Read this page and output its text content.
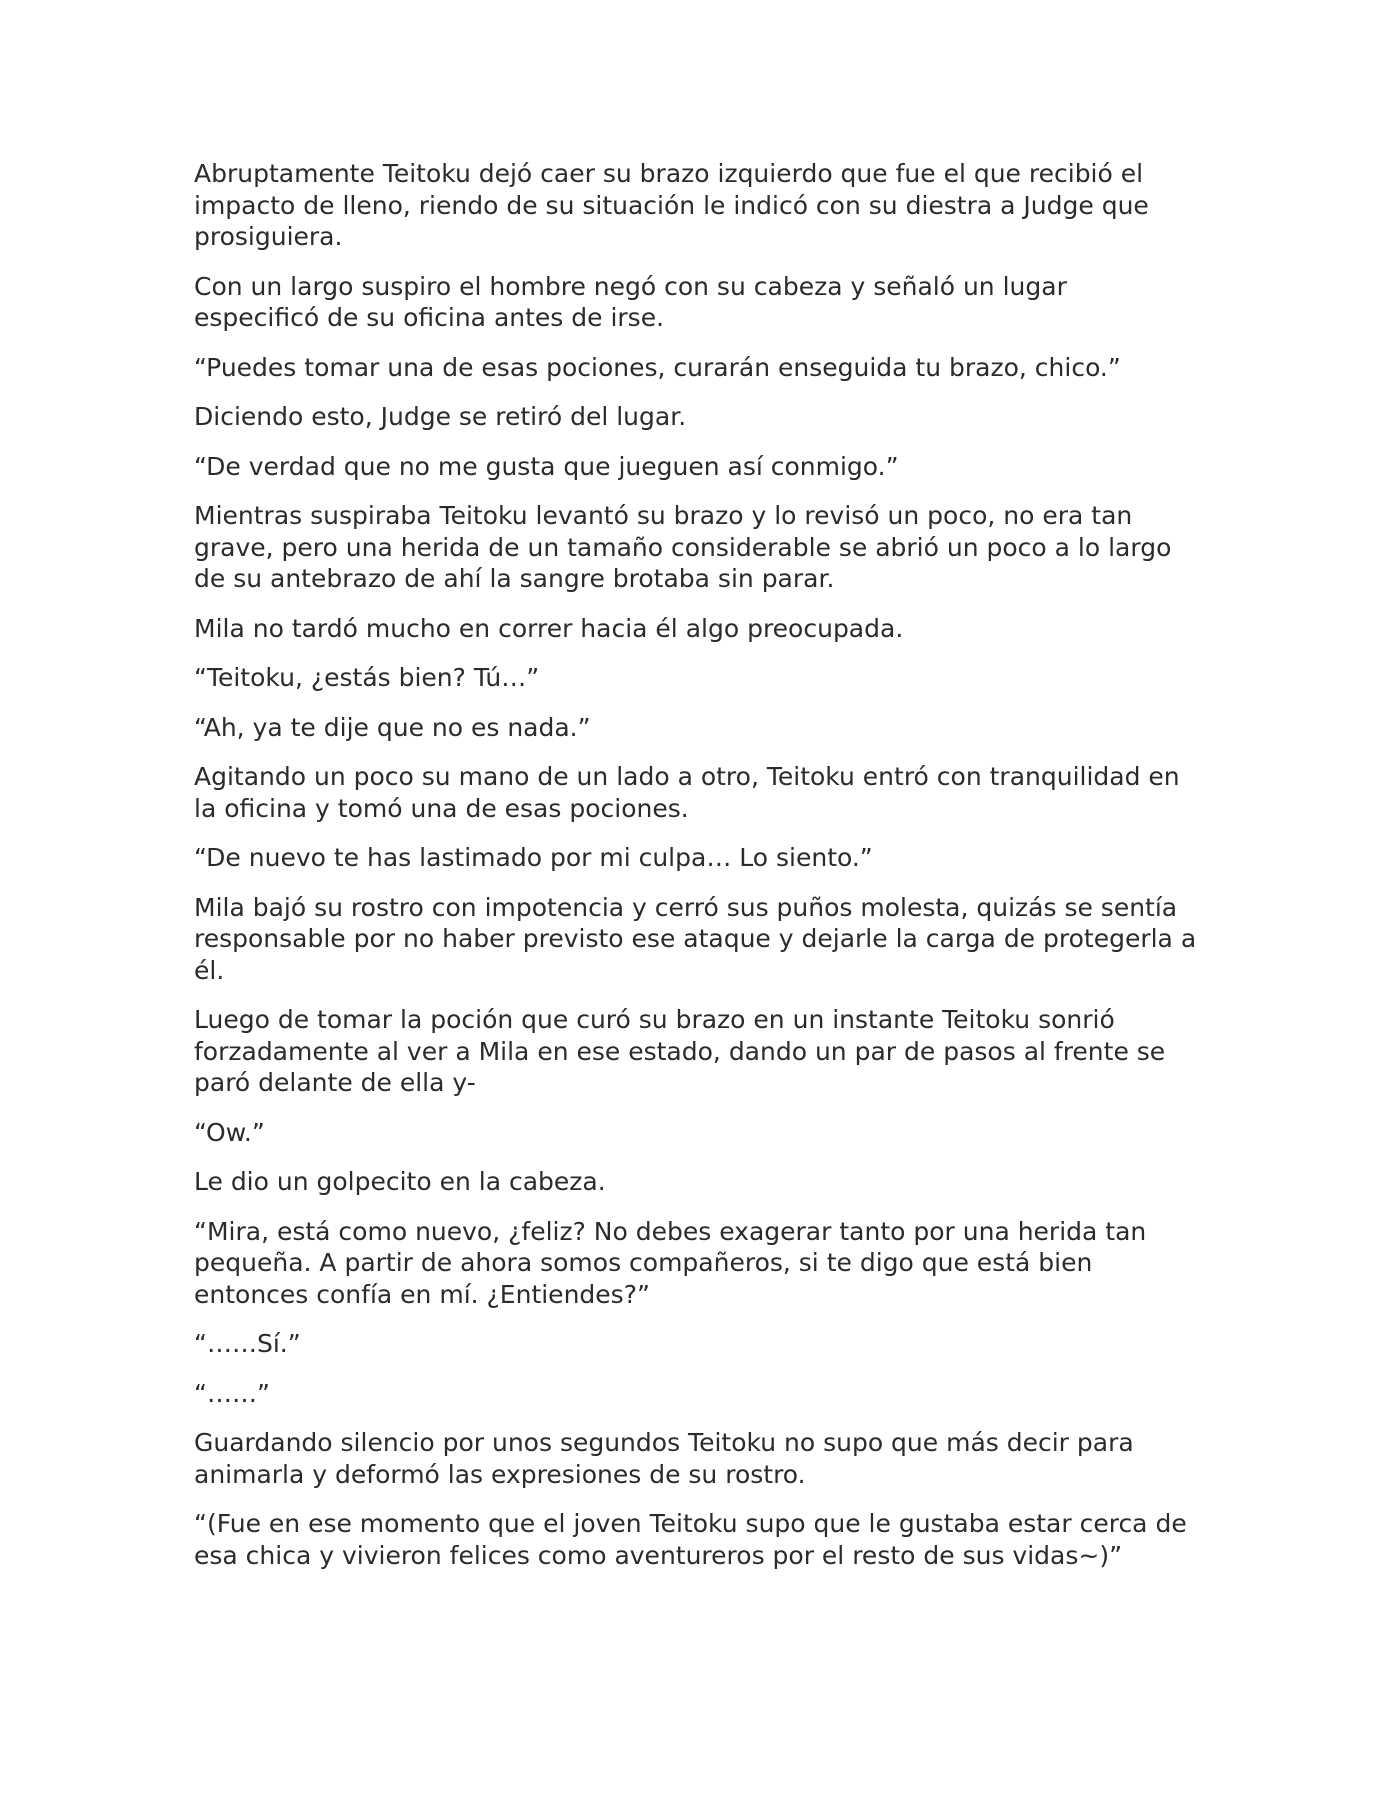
Abruptamente Teitoku dejó caer su brazo izquierdo que fue el que recibió el
impacto de lleno, riendo de su situación le indicó con su diestra a Judge que
prosiguiera.

Con un largo suspiro el hombre negó con su cabeza y señaló un lugar
especificó de su oficina antes de irse.

“Puedes tomar una de esas pociones, curarán enseguida tu brazo, chico.”

Diciendo esto, Judge se retiró del lugar.

“De verdad que no me gusta que jueguen así conmigo.”

Mientras suspiraba Teitoku levantó su brazo y lo revisó un poco, no era tan
grave, pero una herida de un tamaño considerable se abrió un poco a lo largo
de su antebrazo de ahí la sangre brotaba sin parar.

Mila no tardó mucho en correr hacia él algo preocupada.

“Teitoku, ¿estás bien? Tú…”

“Ah, ya te dije que no es nada.”

Agitando un poco su mano de un lado a otro, Teitoku entró con tranquilidad en
la oficina y tomó una de esas pociones.

“De nuevo te has lastimado por mi culpa… Lo siento.”

Mila bajó su rostro con impotencia y cerró sus puños molesta, quizás se sentía
responsable por no haber previsto ese ataque y dejarle la carga de protegerla a
él.

Luego de tomar la poción que curó su brazo en un instante Teitoku sonrió
forzadamente al ver a Mila en ese estado, dando un par de pasos al frente se
paró delante de ella y-

“Ow.”

Le dio un golpecito en la cabeza.

“Mira, está como nuevo, ¿feliz? No debes exagerar tanto por una herida tan
pequeña. A partir de ahora somos compañeros, si te digo que está bien
entonces confía en mí. ¿Entiendes?”

“……Sí.”

“……”

Guardando silencio por unos segundos Teitoku no supo que más decir para
animarla y deformó las expresiones de su rostro.

“(Fue en ese momento que el joven Teitoku supo que le gustaba estar cerca de
esa chica y vivieron felices como aventureros por el resto de sus vidas~)”
